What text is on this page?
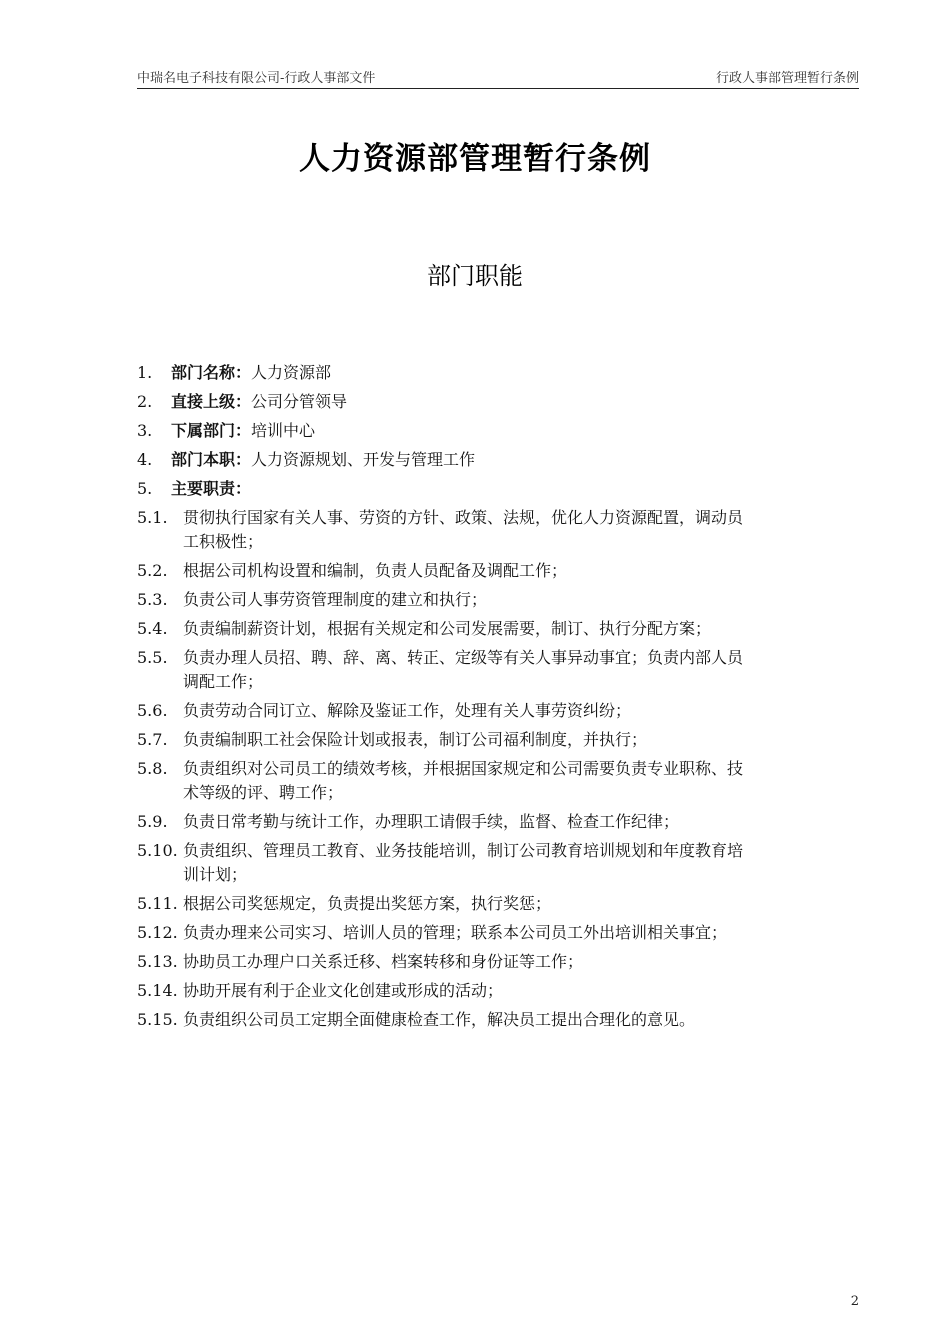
中瑞名电子科技有限公司-行政人事部文件	行政人事部管理暂行条例
人力资源部管理暂行条例
部门职能
1. 部门名称：人力资源部
2. 直接上级：公司分管领导
3. 下属部门：培训中心
4. 部门本职：人力资源规划、开发与管理工作
5. 主要职责：
5.1. 贯彻执行国家有关人事、劳资的方针、政策、法规，优化人力资源配置，调动员
工积极性；
5.2. 根据公司机构设置和编制，负责人员配备及调配工作；
5.3. 负责公司人事劳资管理制度的建立和执行；
5.4. 负责编制薪资计划，根据有关规定和公司发展需要，制订、执行分配方案；
5.5. 负责办理人员招、聘、辞、离、转正、定级等有关人事异动事宜；负责内部人员
调配工作；
5.6. 负责劳动合同订立、解除及鉴证工作，处理有关人事劳资纠纷；
5.7. 负责编制职工社会保险计划或报表，制订公司福利制度，并执行；
5.8. 负责组织对公司员工的绩效考核，并根据国家规定和公司需要负责专业职称、技
术等级的评、聘工作；
5.9. 负责日常考勤与统计工作，办理职工请假手续，监督、检查工作纪律；
5.10. 负责组织、管理员工教育、业务技能培训，制订公司教育培训规划和年度教育培
训计划；
5.11. 根据公司奖惩规定，负责提出奖惩方案，执行奖惩；
5.12. 负责办理来公司实习、培训人员的管理；联系本公司员工外出培训相关事宜；
5.13. 协助员工办理户口关系迁移、档案转移和身份证等工作；
5.14. 协助开展有利于企业文化创建或形成的活动；
5.15. 负责组织公司员工定期全面健康检查工作，解决员工提出合理化的意见。
2
